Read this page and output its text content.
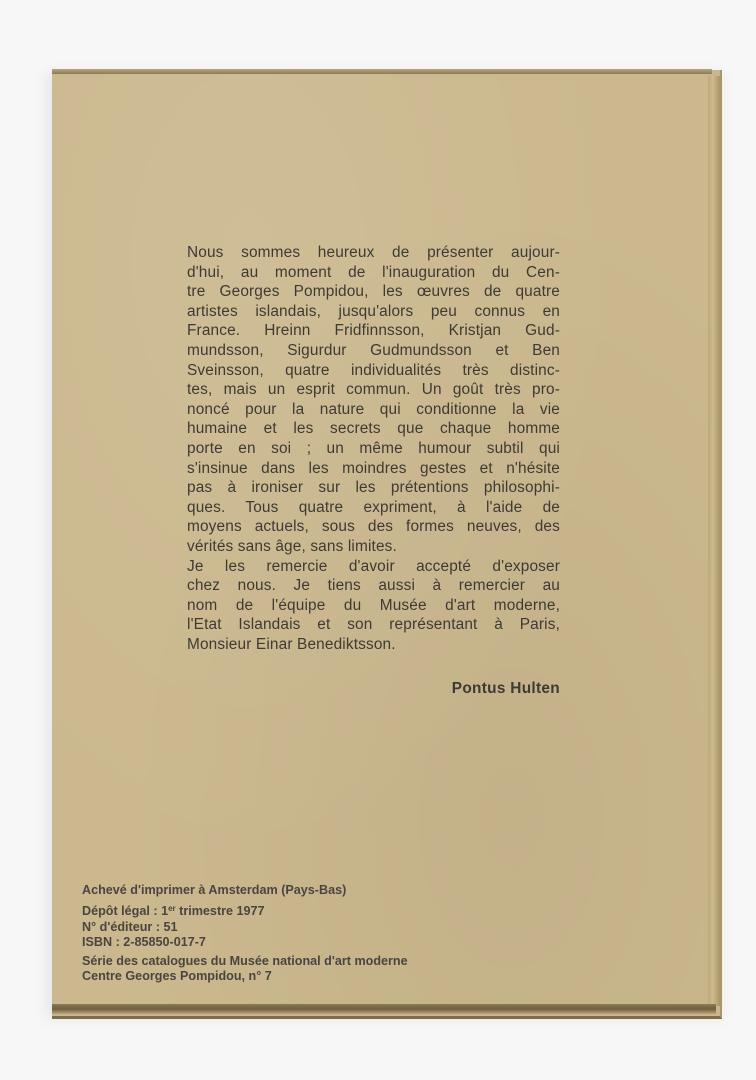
Nous sommes heureux de présenter aujour-
d'hui, au moment de l'inauguration du Cen-
tre Georges Pompidou, les œuvres de quatre
artistes islandais, jusqu'alors peu connus en
France. Hreinn Fridfinnsson, Kristjan Gud-
mundsson, Sigurdur Gudmundsson et Ben
Sveinsson, quatre individualités très distinc-
tes, mais un esprit commun. Un goût très pro-
noncé pour la nature qui conditionne la vie
humaine et les secrets que chaque homme
porte en soi ; un même humour subtil qui
s'insinue dans les moindres gestes et n'hésite
pas à ironiser sur les prétentions philosophi-
ques. Tous quatre expriment, à l'aide de
moyens actuels, sous des formes neuves, des
vérités sans âge, sans limites.
Je les remercie d'avoir accepté d'exposer
chez nous. Je tiens aussi à remercier au
nom de l'équipe du Musée d'art moderne,
l'Etat Islandais et son représentant à Paris,
Monsieur Einar Benediktsson.
Pontus Hulten
Achevé d'imprimer à Amsterdam (Pays-Bas)
Dépôt légal : 1er trimestre 1977
N° d'éditeur : 51
ISBN : 2-85850-017-7
Série des catalogues du Musée national d'art moderne
Centre Georges Pompidou, n° 7
